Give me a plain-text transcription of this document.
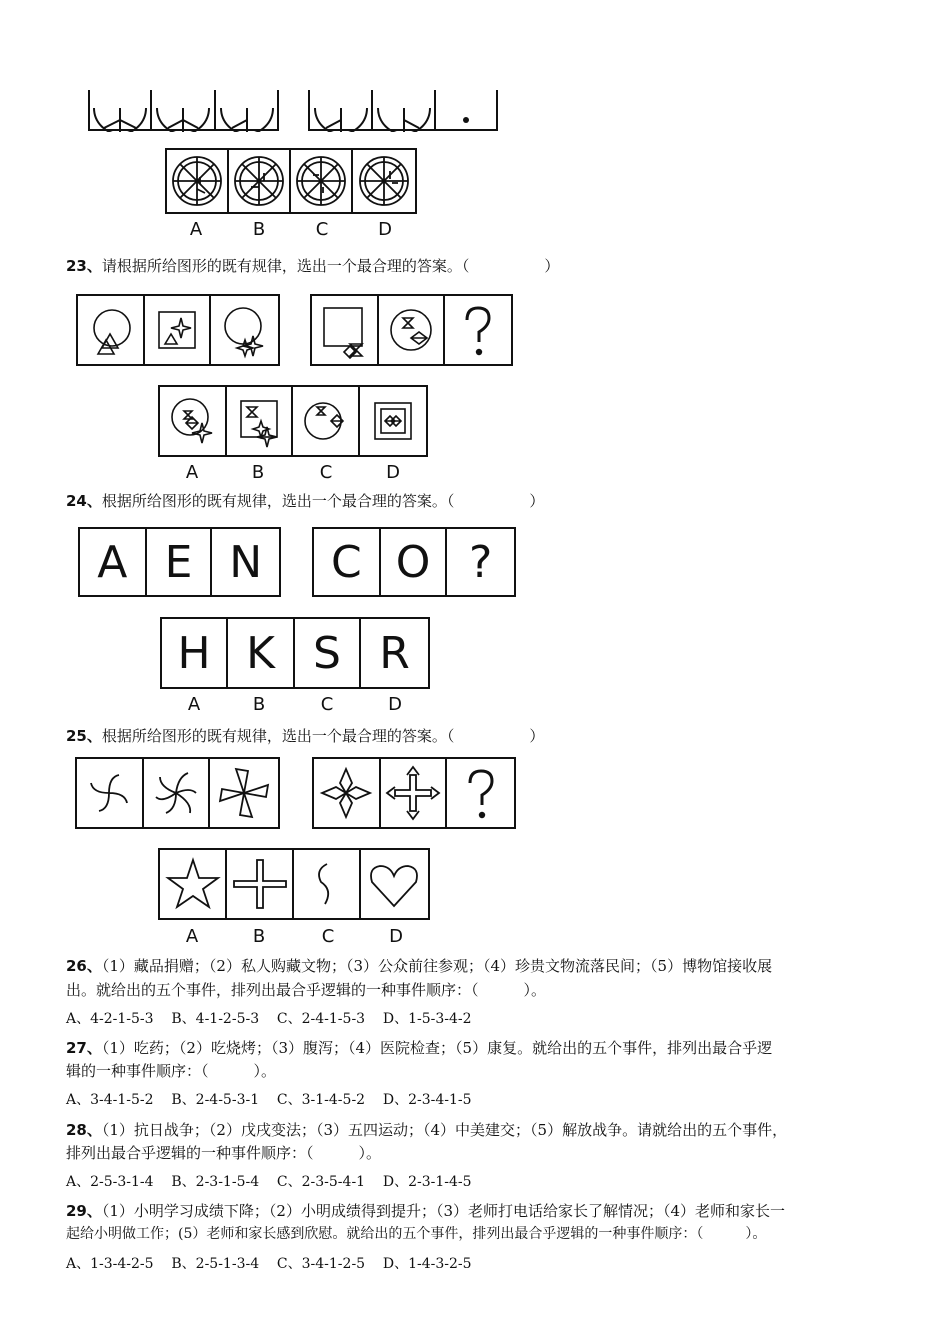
A	B	C	D
23、请根据所给图形的既有规律，选出一个最合理的答案。（　　　　　）
A	B	C	D
24、根据所给图形的既有规律，选出一个最合理的答案。（　　　　　）
A E N	C O ?
H K S R
A	B	C	D
25、根据所给图形的既有规律，选出一个最合理的答案。（　　　　　）
A	B	C	D
26、（1）藏品捐赠；（2）私人购藏文物；（3）公众前往参观；（4）珍贵文物流落民间；（5）博物馆接收展
出。就给出的五个事件，排列出最合乎逻辑的一种事件顺序：（　　　）。
A、4-2-1-5-3    B、4-1-2-5-3    C、2-4-1-5-3    D、1-5-3-4-2
27、（1）吃药；（2）吃烧烤；（3）腹泻；（4）医院检查；（5）康复。就给出的五个事件，排列出最合乎逻
辑的一种事件顺序：（　　　）。
A、3-4-1-5-2    B、2-4-5-3-1    C、3-1-4-5-2    D、2-3-4-1-5
28、（1）抗日战争；（2）戊戌变法；（3）五四运动；（4）中美建交；（5）解放战争。请就给出的五个事件，
排列出最合乎逻辑的一种事件顺序：（　　　）。
A、2-5-3-1-4    B、2-3-1-5-4    C、2-3-5-4-1    D、2-3-1-4-5
29、（1）小明学习成绩下降；（2）小明成绩得到提升；（3）老师打电话给家长了解情况；（4）老师和家长一
起给小明做工作；(5）老师和家长感到欣慰。就给出的五个事件，排列出最合乎逻辑的一种事件顺序：（　　　）。
A、1-3-4-2-5    B、2-5-1-3-4    C、3-4-1-2-5    D、1-4-3-2-5
